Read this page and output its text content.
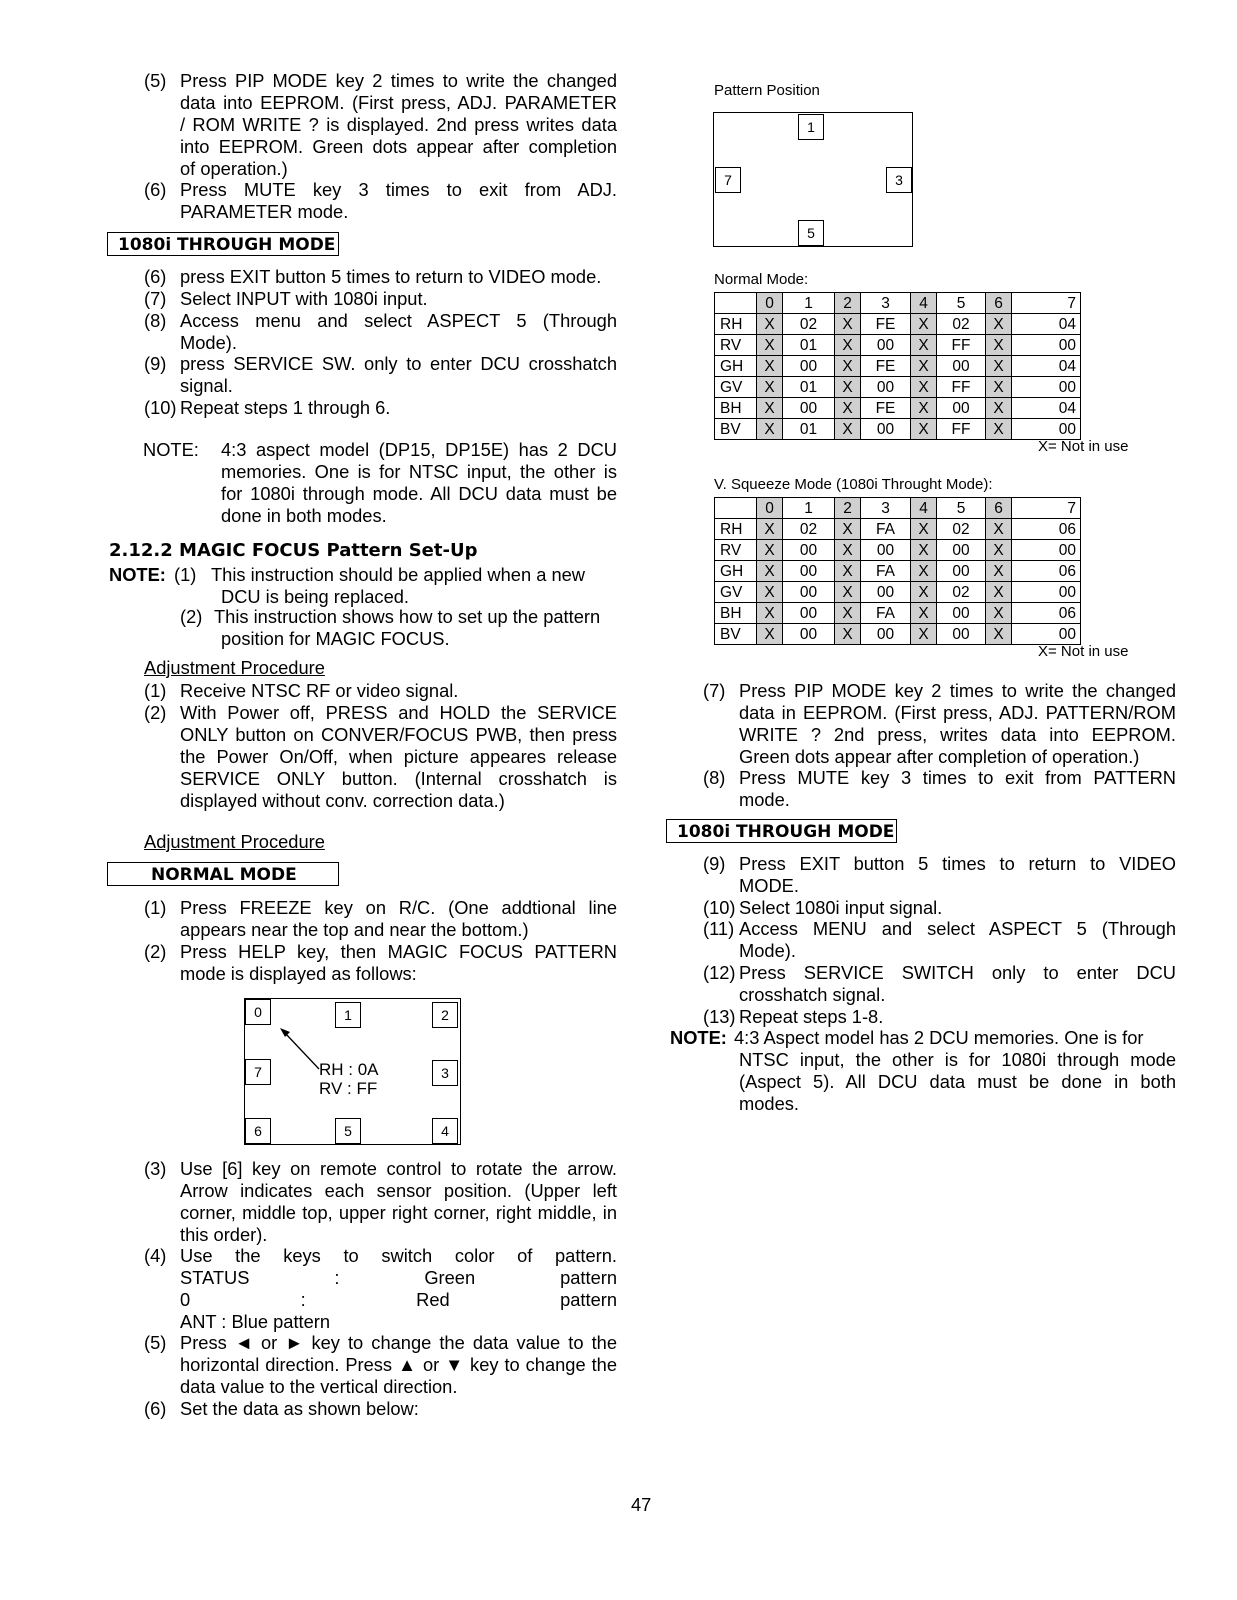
1080i THROUGH MODE
NOTE: 4:3 aspect model (DP15, DP15E) has 2 DCU
memories. One is for NTSC input, the other is
for 1080i through mode. All DCU data must be
done in both modes.
2.12.2 MAGIC FOCUS Pattern Set-Up
NOTE:
Adjustment Procedure
Adjustment Procedure
NORMAL MODE
0	1	2
7	3
6	5	4
RH : 0A
RV : FF
Pattern Position
1
7	3
5
Normal Mode:
	0	1	2	3	4	5	6	7
RH	X	02	X	FE	X	02	X	04
RV	X	01	X	00	X	FF	X	00
GH	X	00	X	FE	X	00	X	04
GV	X	01	X	00	X	FF	X	00
BH	X	00	X	FE	X	00	X	04
BV	X	01	X	00	X	FF	X	00
X= Not in use
V. Squeeze Mode (1080i Throught Mode):
	0	1	2	3	4	5	6	7
RH	X	02	X	FA	X	02	X	06
RV	X	00	X	00	X	00	X	00
GH	X	00	X	FA	X	00	X	06
GV	X	00	X	00	X	02	X	00
BH	X	00	X	FA	X	00	X	06
BV	X	00	X	00	X	00	X	00
X= Not in use
1080i THROUGH MODE
NOTE: 4:3 Aspect model has 2 DCU memories. One is for
NTSC input, the other is for 1080i through mode
(Aspect 5). All DCU data must be done in both
modes.
47
(5) Press PIP MODE key 2 times to write the changed
data into EEPROM. (First press, ADJ. PARAMETER
/ ROM WRITE ? is displayed. 2nd press writes data
into EEPROM. Green dots appear after completion
of operation.)
(6) Press MUTE key 3 times to exit from ADJ.
PARAMETER mode.
(6) press EXIT button 5 times to return to VIDEO mode.
(7) Select INPUT with 1080i input.
(8) Access menu and select ASPECT 5 (Through
Mode).
(9) press SERVICE SW. only to enter DCU crosshatch
signal.
(10) Repeat steps 1 through 6.
(1) This instruction should be applied when a new
DCU is being replaced.
(2) This instruction shows how to set up the pattern
position for MAGIC FOCUS.
(1) Receive NTSC RF or video signal.
(2) With Power off, PRESS and HOLD the SERVICE
ONLY button on CONVER/FOCUS PWB, then press
the Power On/Off, when picture appeares release
SERVICE ONLY button. (Internal crosshatch is
displayed without conv. correction data.)
(1) Press FREEZE key on R/C. (One addtional line
appears near the top and near the bottom.)
(2) Press HELP key, then MAGIC FOCUS PATTERN
mode is displayed as follows:
(3) Use [6] key on remote control to rotate the arrow.
Arrow indicates each sensor position. (Upper left
corner, middle top, upper right corner, right middle, in
this order).
(4) Use the keys to switch color of pattern.
STATUS : Green pattern
0 : Red pattern
ANT : Blue pattern
(5) Press ◄ or ► key to change the data value to the
horizontal direction. Press ▲ or ▼ key to change the
data value to the vertical direction.
(6) Set the data as shown below:
(7) Press PIP MODE key 2 times to write the changed
data in EEPROM. (First press, ADJ. PATTERN/ROM
WRITE ? 2nd press, writes data into EEPROM.
Green dots appear after completion of operation.)
(8) Press MUTE key 3 times to exit from PATTERN
mode.
(9) Press EXIT button 5 times to return to VIDEO
MODE.
(10) Select 1080i input signal.
(11) Access MENU and select ASPECT 5 (Through
Mode).
(12) Press SERVICE SWITCH only to enter DCU
crosshatch signal.
(13) Repeat steps 1-8.
